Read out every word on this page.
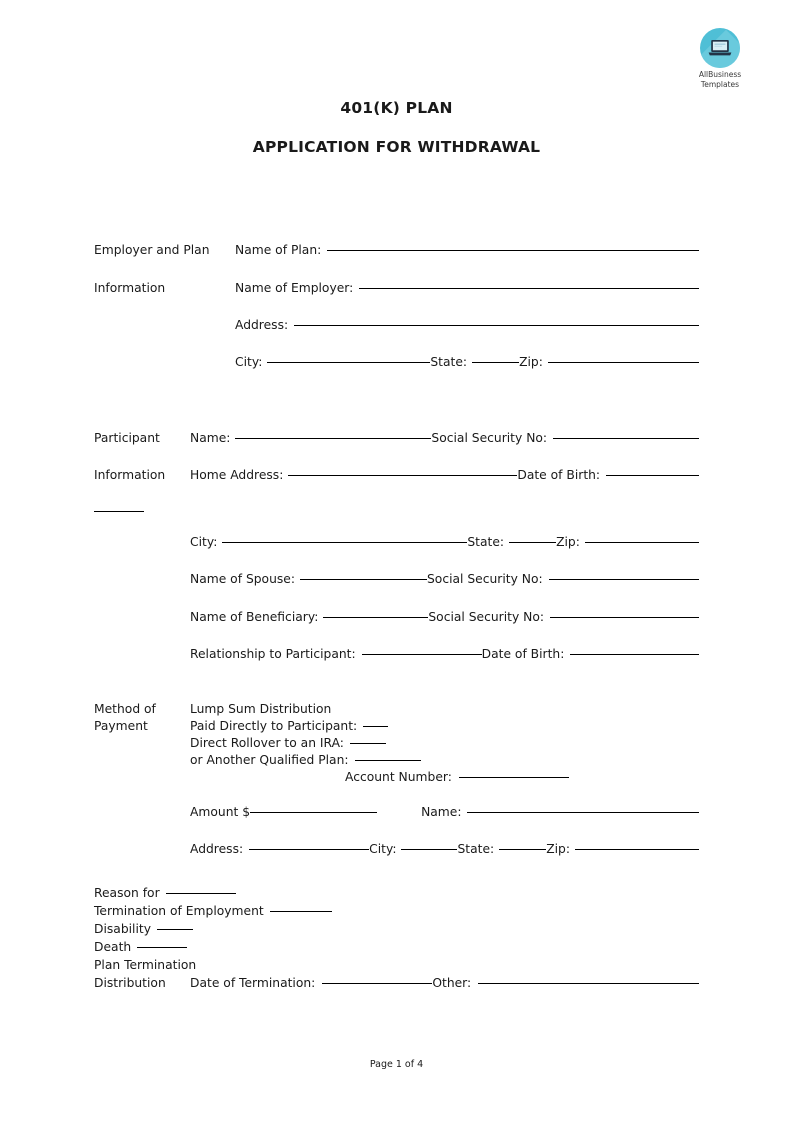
AllBusiness
Templates
401(K) PLAN
APPLICATION FOR WITHDRAWAL
Employer and Plan	Name of Plan:
Information	Name of Employer:
Address:
City:	State:	Zip:
Participant	Name:	Social Security No:
Information	Home Address:	Date of Birth:
City:	State:	Zip:
Name of Spouse:	Social Security No:
Name of Beneficiary:	Social Security No:
Relationship to Participant:	Date of Birth:
Method of	Lump Sum Distribution
Payment	Paid Directly to Participant:
Direct Rollover to an IRA:
or Another Qualified Plan:
Account Number:
Amount $	Name:
Address:	City:	State:	Zip:
Reason for
Termination of Employment
Disability
Death
Plan Termination
Distribution	Date of Termination:	Other:
Page 1 of 4
